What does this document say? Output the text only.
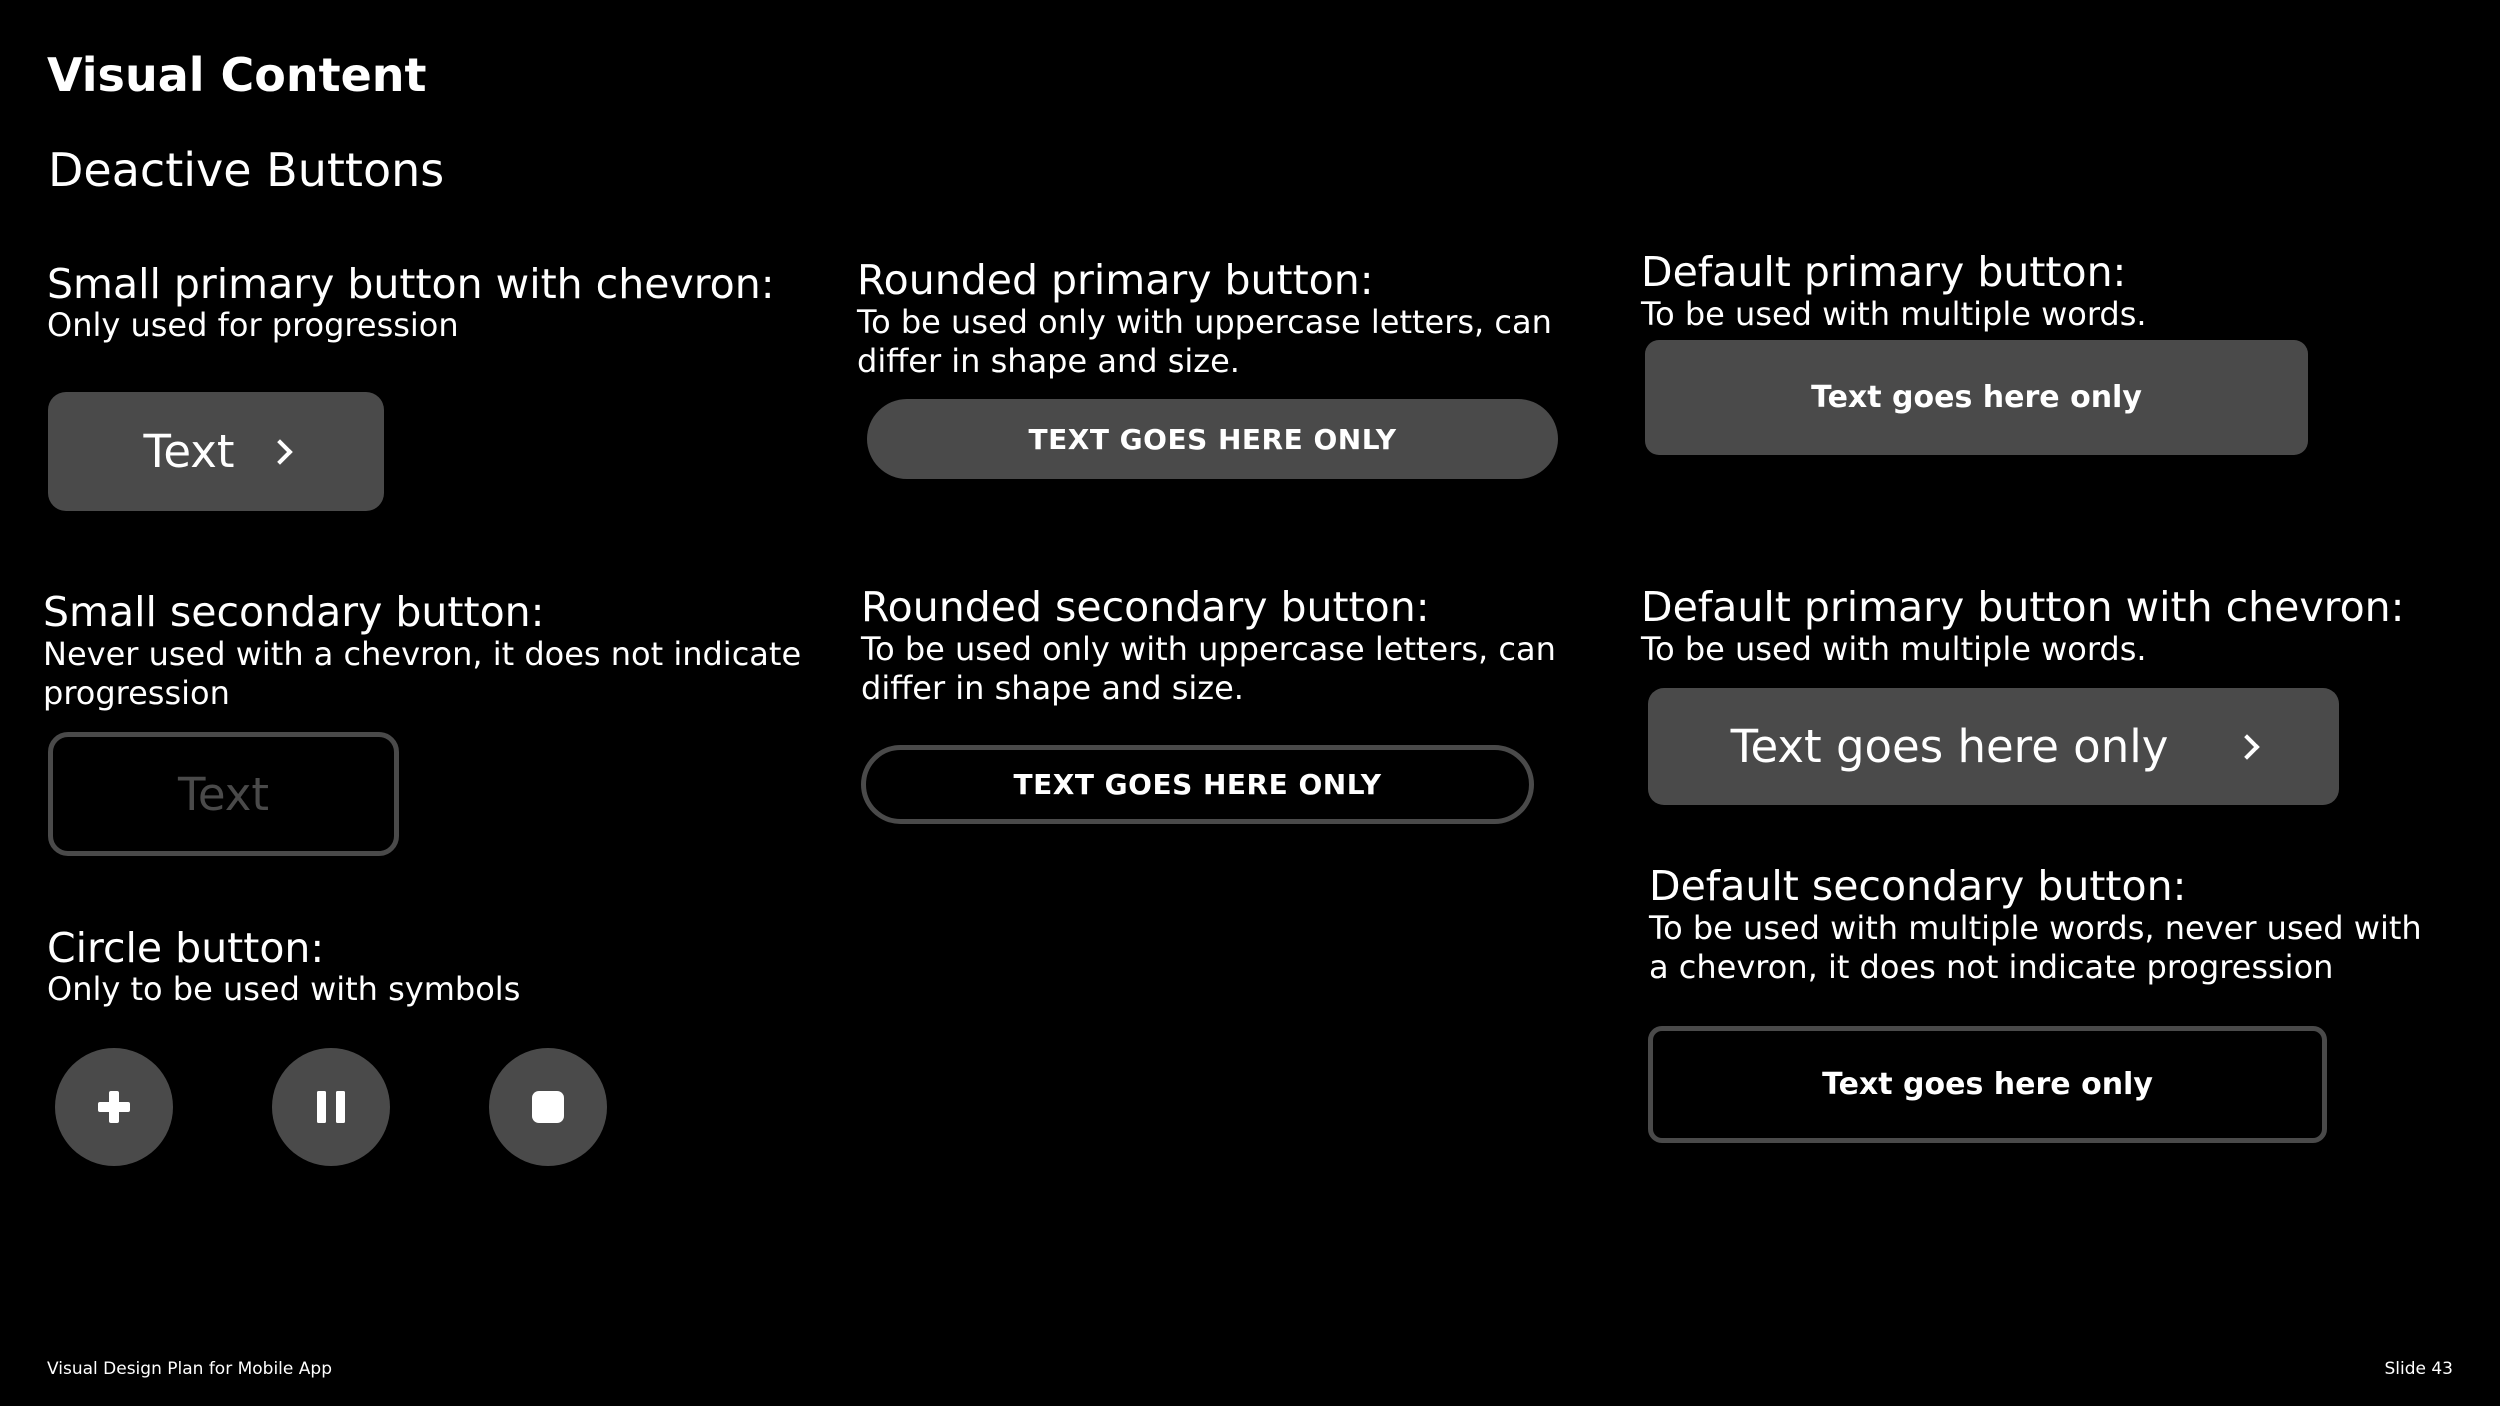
Visual Content
Deactive Buttons
Small primary button with chevron:
Only used for progression
Text
Small secondary button:
Never used with a chevron, it does not indicate progression
Text
Circle button:
Only to be used with symbols
Rounded primary button:
To be used only with uppercase letters, can differ in shape and size.
TEXT GOES HERE ONLY
Rounded secondary button:
To be used only with uppercase letters, can differ in shape and size.
TEXT GOES HERE ONLY
Default primary button:
To be used with multiple words.
Text goes here only
Default primary button with chevron:
To be used with multiple words.
Text goes here only
Default secondary button:
To be used with multiple words, never used with a chevron, it does not indicate progression
Text goes here only
Visual Design Plan for Mobile App	Slide 43
